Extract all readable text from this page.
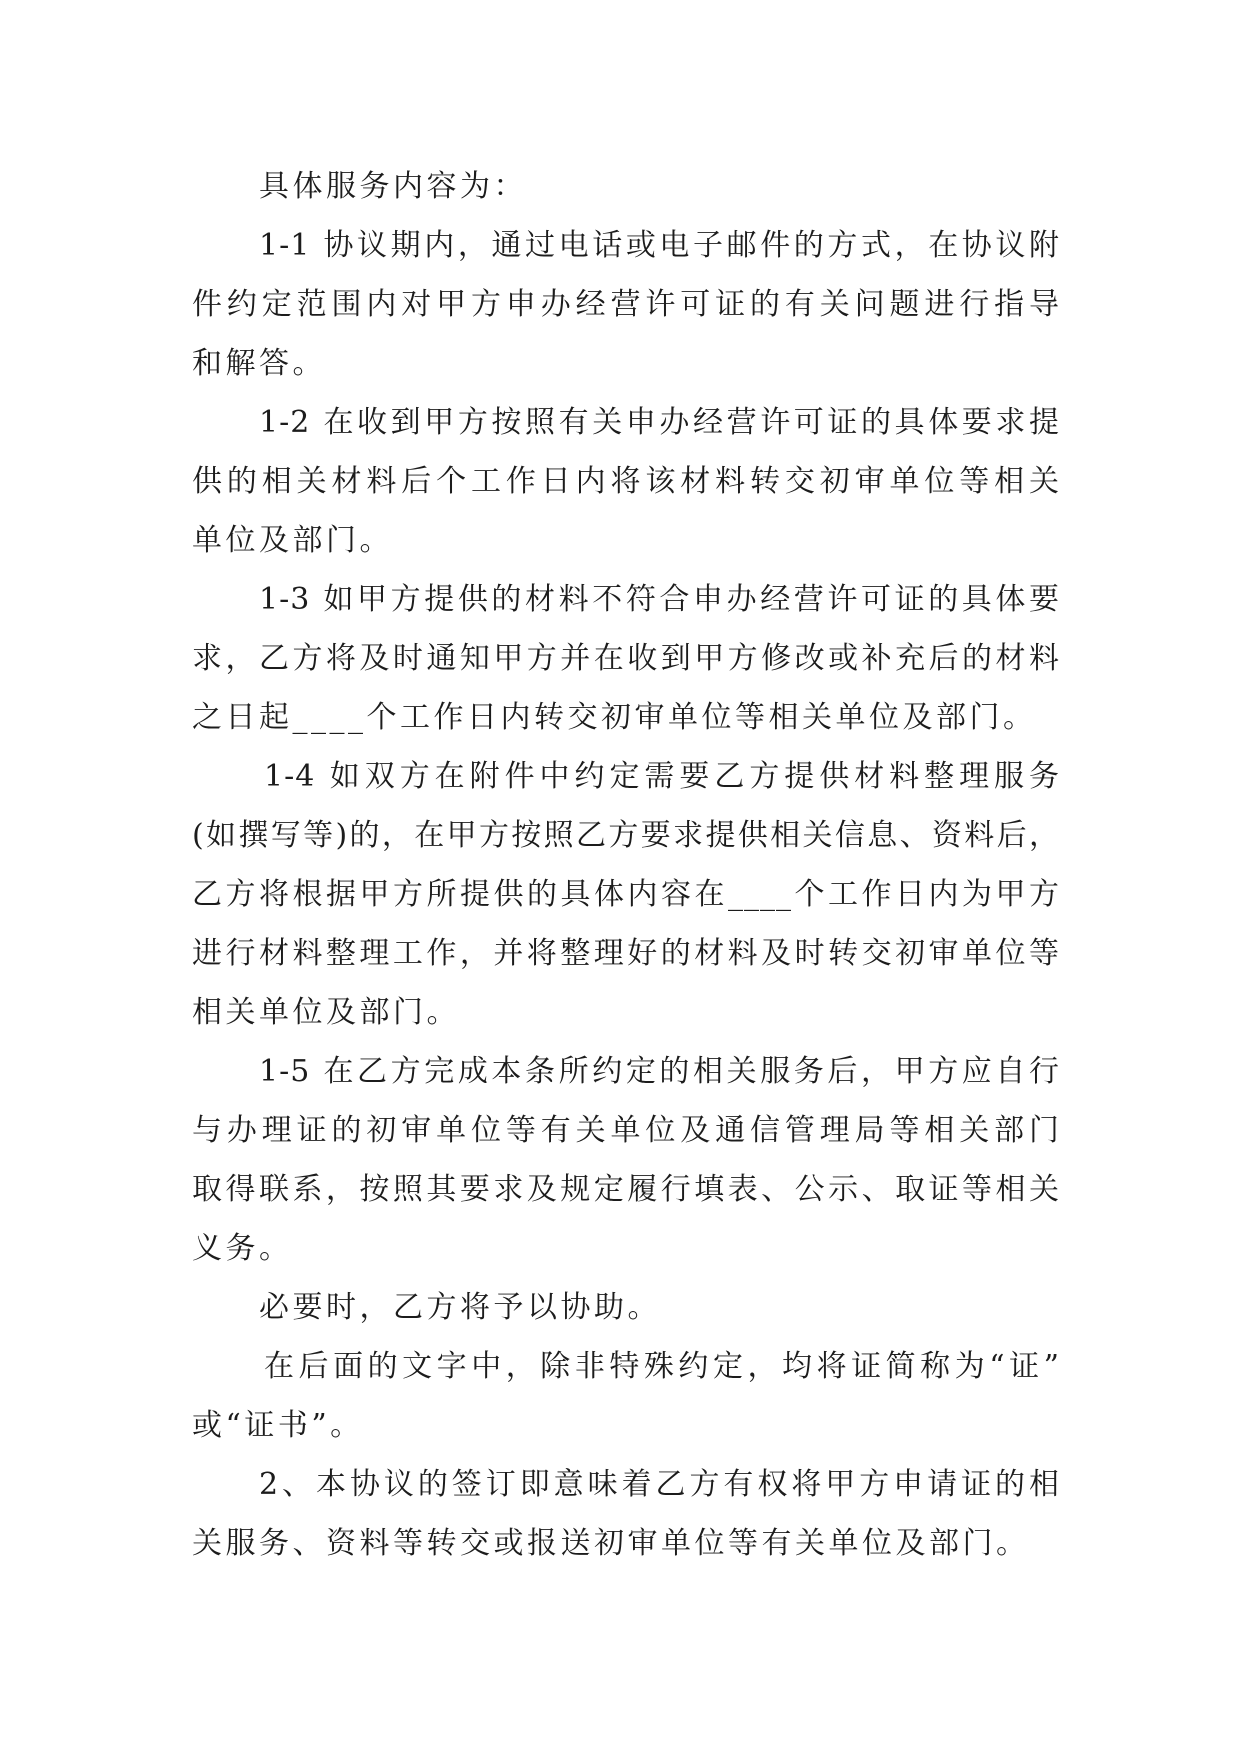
具体服务内容为：
1-1 协议期内，通过电话或电子邮件的方式，在协议附
件约定范围内对甲方申办经营许可证的有关问题进行指导
和解答。
1-2 在收到甲方按照有关申办经营许可证的具体要求提
供的相关材料后个工作日内将该材料转交初审单位等相关
单位及部门。
1-3 如甲方提供的材料不符合申办经营许可证的具体要
求，乙方将及时通知甲方并在收到甲方修改或补充后的材料
之日起____个工作日内转交初审单位等相关单位及部门。
1-4 如双方在附件中约定需要乙方提供材料整理服务
(如撰写等)的，在甲方按照乙方要求提供相关信息、资料后，
乙方将根据甲方所提供的具体内容在____个工作日内为甲方
进行材料整理工作，并将整理好的材料及时转交初审单位等
相关单位及部门。
1-5 在乙方完成本条所约定的相关服务后，甲方应自行
与办理证的初审单位等有关单位及通信管理局等相关部门
取得联系，按照其要求及规定履行填表、公示、取证等相关
义务。
必要时，乙方将予以协助。
在后面的文字中，除非特殊约定，均将证简称为“证”
或“证书”。
2、本协议的签订即意味着乙方有权将甲方申请证的相
关服务、资料等转交或报送初审单位等有关单位及部门。
